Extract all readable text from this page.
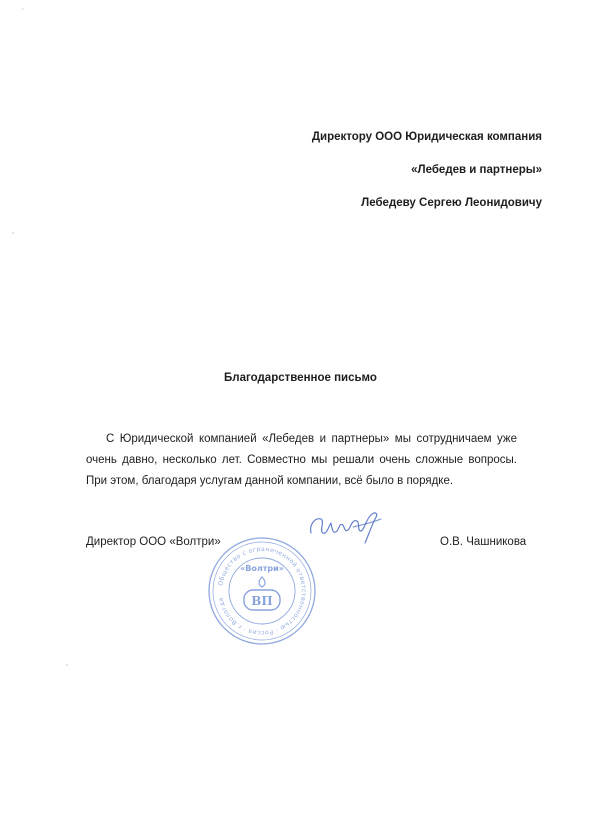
Директору ООО Юридическая компания
«Лебедев и партнеры»
Лебедеву Сергею Леонидовичу
Благодарственное письмо
С Юридической компанией «Лебедев и партнеры» мы сотрудничаем уже очень давно, несколько лет. Совместно мы решали очень сложные вопросы. При этом, благодаря услугам данной компании, всё было в порядке.
Директор ООО «Волтри»	О.В. Чашникова
Общество с ограниченной ответственностью · Россия · г.Вологда
«Волтри»
ВП
